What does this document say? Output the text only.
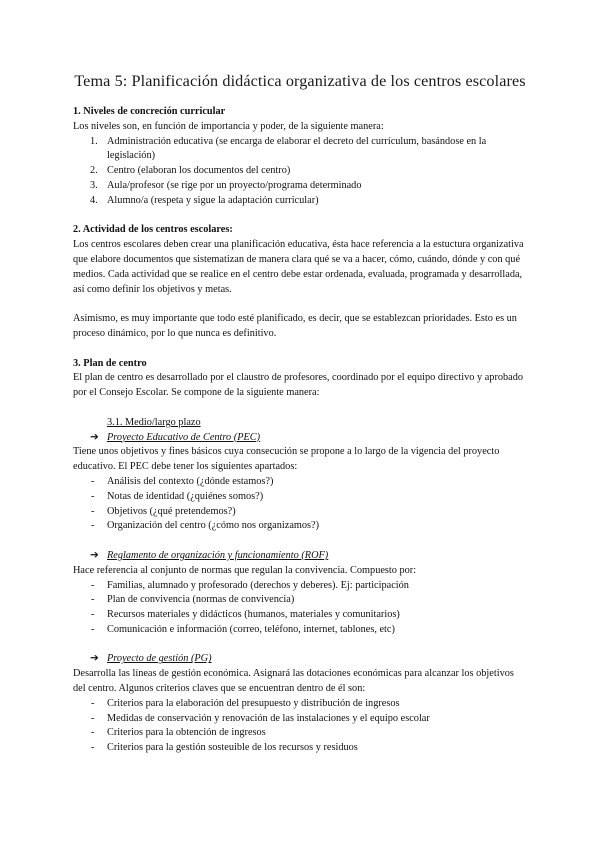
Tema 5: Planificación didáctica organizativa de los centros escolares
1. Niveles de concreción curricular

Los niveles son, en función de importancia y poder, de la siguiente manera:

1. Administración educativa (se encarga de elaborar el decreto del currículum, basándose en la legislación)
2. Centro (elaboran los documentos del centro)
3. Aula/profesor (se rige por un proyecto/programa determinado
4. Alumno/a (respeta y sigue la adaptación curricular)
2. Actividad de los centros escolares:

Los centros escolares deben crear una planificación educativa, ésta hace referencia a la estuctura organizativa que elabore documentos que sistematizan de manera clara qué se va a hacer, cómo, cuándo, dónde y con qué medios. Cada actividad que se realice en el centro debe estar ordenada, evaluada, programada y desarrollada, así como definir los objetivos y metas.

Asimismo, es muy importante que todo esté planificado, es decir, que se establezcan prioridades. Esto es un proceso dinámico, por lo que nunca es definitivo.

3. Plan de centro

El plan de centro es desarrollado por el claustro de profesores, coordinado por el equipo directivo y aprobado por el Consejo Escolar. Se compone de la siguiente manera:

3.1. Medio/largo plazo

➔ Proyecto Educativo de Centro (PEC)

Tiene unos objetivos y fines básicos cuya consecución se propone a lo largo de la vigencia del proyecto educativo. El PEC debe tener los siguientes apartados:

- Análisis del contexto (¿dónde estamos?)
- Notas de identidad (¿quiénes somos?)
- Objetivos (¿qué pretendemos?)
- Organización del centro (¿cómo nos organizamos?)

➔ Reglamento de organización y funcionamiento (ROF)

Hace referencia al conjunto de normas que regulan la convivencia. Compuesto por:

- Familias, alumnado y profesorado (derechos y deberes). Ej: participación
- Plan de convivencia (normas de convivencia)
- Recursos materiales y didácticos (humanos, materiales y comunitarios)
- Comunicación e información (correo, teléfono, internet, tablones, etc)

➔ Proyecto de gestión (PG)

Desarrolla las líneas de gestión económica. Asignará las dotaciones económicas para alcanzar los objetivos del centro. Algunos criterios claves que se encuentran dentro de él son:

- Criterios para la elaboración del presupuesto y distribución de ingresos
- Medidas de conservación y renovación de las instalaciones y el equipo escolar
- Criterios para la obtención de ingresos
- Criterios para la gestión sosteuible de los recursos y residuos
